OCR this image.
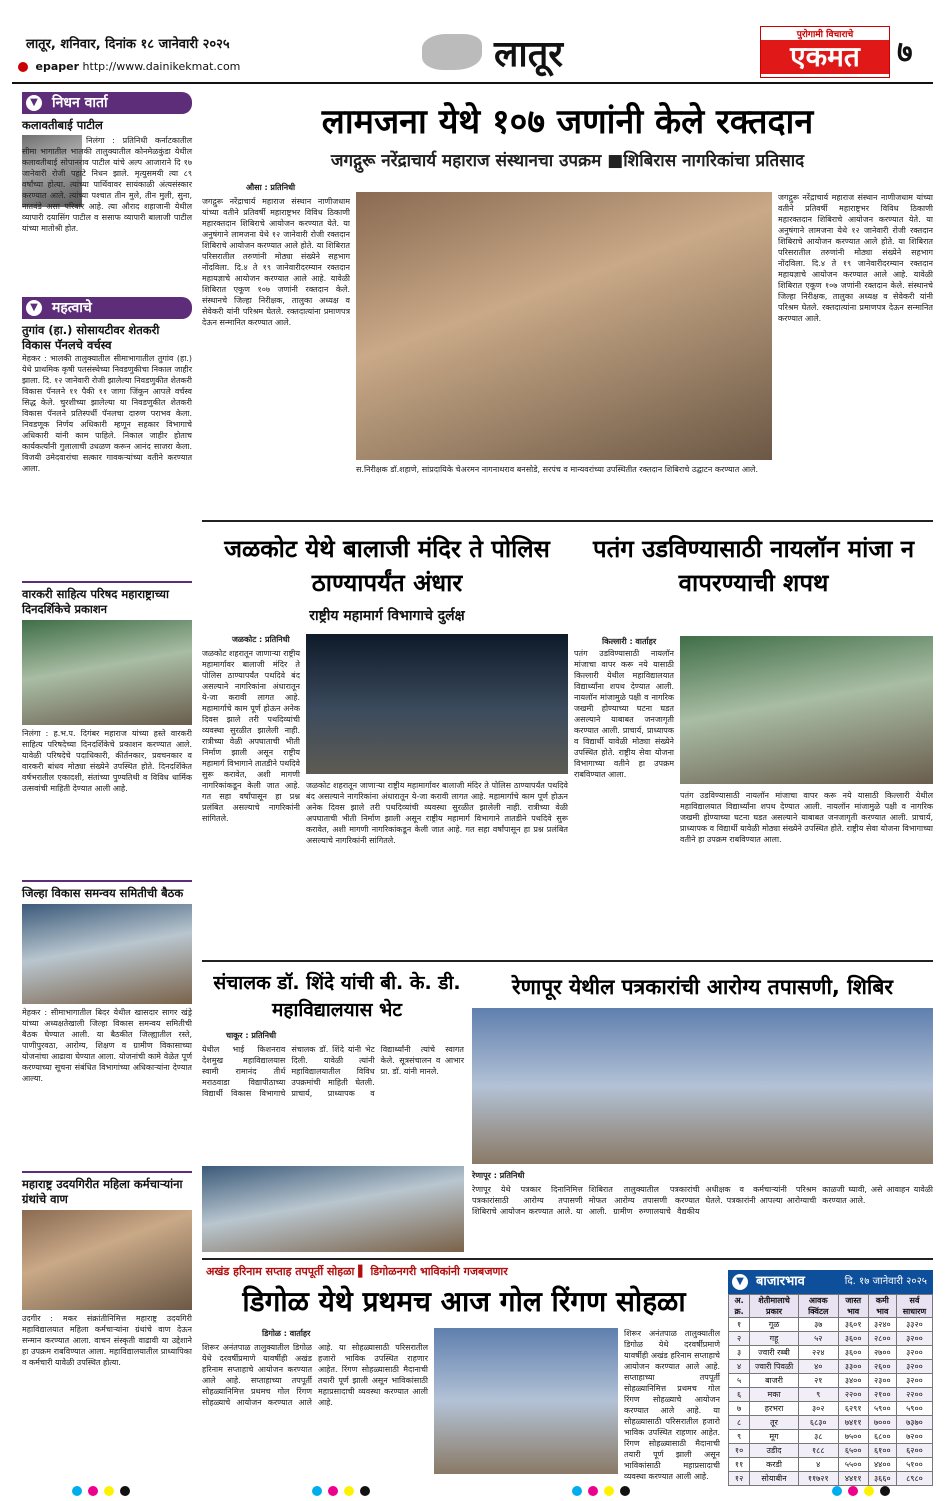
लातूर, शनिवार, दिनांक १८ जानेवारी २०२५
epaper http://www.dainikekmat.com	लातूर	पुरोगामी विचाराचे
एकमत	७
▼ निधन वार्ता
कलावतीबाई पाटील
निलंगा : प्रतिनिधी कर्नाटकातील सीमा भागातील भालकी तालुक्यातील कोनमेळकुंडा येथील कलावतीबाई सोपानराव पाटील यांचे अल्प आजाराने दि १७ जानेवारी रोजी पहाटे निधन झाले. मृत्युसमयी त्या ८९ वर्षांच्या होत्या. त्यांच्या पार्थिवावर सायंकाळी अंत्यसंस्कार करण्यात आले. त्यांच्या पश्चात तीन मुले, तीन मुली, सुना, नातवंडे असा परिवार आहे. त्या औराद शहाजानी येथील व्यापारी दयासिंग पाटील व ससाफ व्यापारी बालाजी पाटील यांच्या मातोश्री होत.
▼ महत्वाचे
तुगांव (हा.) सोसायटीवर शेतकरी विकास पॅनलचे वर्चस्व
मेहकर : भालकी तालुक्यातील सीमाभागातील तुगांव (हा.) येथे प्राथमिक कृषी पतसंस्थेच्या निवडणुकीचा निकाल जाहीर झाला. दि. १२ जानेवारी रोजी झालेल्या निवडणुकीत शेतकरी विकास पॅनलने ११ पैकी ११ जागा जिंकून आपले वर्चस्व सिद्ध केले. चुरशीच्या झालेल्या या निवडणुकीत शेतकरी विकास पॅनलने प्रतिस्पर्धी पॅनलचा दारुण पराभव केला. निवडणूक निर्णय अधिकारी म्हणून सहकार विभागाचे अधिकारी यांनी काम पाहिले. निकाल जाहीर होताच कार्यकर्त्यांनी गुलालाची उधळण करून आनंद साजरा केला. विजयी उमेदवारांचा सत्कार गावकऱ्यांच्या वतीने करण्यात आला.
वारकरी साहित्य परिषद महाराष्ट्राच्या दिनदर्शिकेचे प्रकाशन
निलंगा : ह.भ.प. दिगंबर महाराज यांच्या हस्ते वारकरी साहित्य परिषदेच्या दिनदर्शिकेचे प्रकाशन करण्यात आले. यावेळी परिषदेचे पदाधिकारी, कीर्तनकार, प्रवचनकार व वारकरी बांधव मोठ्या संख्येने उपस्थित होते. दिनदर्शिकेत वर्षभरातील एकादशी, संतांच्या पुण्यतिथी व विविध धार्मिक उत्सवांची माहिती देण्यात आली आहे.
जिल्हा विकास समन्वय समितीची बैठक
मेहकर : सीमाभागातील बिदर येथील खासदार सागर खंड्रे यांच्या अध्यक्षतेखाली जिल्हा विकास समन्वय समितीची बैठक घेण्यात आली. या बैठकीत जिल्ह्यातील रस्ते, पाणीपुरवठा, आरोग्य, शिक्षण व ग्रामीण विकासाच्या योजनांचा आढावा घेण्यात आला. योजनांची कामे वेळेत पूर्ण करण्याच्या सूचना संबंधित विभागांच्या अधिकाऱ्यांना देण्यात आल्या.
महाराष्ट्र उदयगिरीत महिला कर्मचाऱ्यांना ग्रंथांचे वाण
उदगीर : मकर संक्रांतीनिमित्त महाराष्ट्र उदयगिरी महाविद्यालयात महिला कर्मचाऱ्यांना ग्रंथांचे वाण देऊन सन्मान करण्यात आला. वाचन संस्कृती वाढावी या उद्देशाने हा उपक्रम राबविण्यात आला. महाविद्यालयातील प्राध्यापिका व कर्मचारी यावेळी उपस्थित होत्या.
लामजना येथे १०७ जणांनी केले रक्तदान
जगद्गुरू नरेंद्राचार्य महाराज संस्थानचा उपक्रम ■शिबिरास नागरिकांचा प्रतिसाद
औसा : प्रतिनिधी
जगद्गुरू नरेंद्राचार्य महाराज संस्थान नाणीजधाम यांच्या वतीने प्रतिवर्षी महाराष्ट्रभर विविध ठिकाणी महारक्तदान शिबिराचे आयोजन करण्यात येते. या अनुषंगाने लामजना येथे १२ जानेवारी रोजी रक्तदान शिबिराचे आयोजन करण्यात आले होते. या शिबिरात परिसरातील तरुणांनी मोठ्या संख्येने सहभाग नोंदविला. दि.४ ते १९ जानेवारीदरम्यान रक्तदान महायज्ञाचे आयोजन करण्यात आले आहे. यावेळी शिबिरात एकूण १०७ जणांनी रक्तदान केले. संस्थानचे जिल्हा निरीक्षक, तालुका अध्यक्ष व सेवेकरी यांनी परिश्रम घेतले. रक्तदात्यांना प्रमाणपत्र देऊन सन्मानित करण्यात आले.
स.निरीक्षक डॉ.शहाणे, सांप्रदायिके चेअरमन नागनाथराव बनसोडे, सरपंच व मान्यवरांच्या उपस्थितीत रक्तदान शिबिराचे उद्घाटन करण्यात आले.
जगद्गुरू नरेंद्राचार्य महाराज संस्थान नाणीजधाम यांच्या वतीने प्रतिवर्षी महाराष्ट्रभर विविध ठिकाणी महारक्तदान शिबिराचे आयोजन करण्यात येते. या अनुषंगाने लामजना येथे १२ जानेवारी रोजी रक्तदान शिबिराचे आयोजन करण्यात आले होते. या शिबिरात परिसरातील तरुणांनी मोठ्या संख्येने सहभाग नोंदविला. दि.४ ते १९ जानेवारीदरम्यान रक्तदान महायज्ञाचे आयोजन करण्यात आले आहे. यावेळी शिबिरात एकूण १०७ जणांनी रक्तदान केले. संस्थानचे जिल्हा निरीक्षक, तालुका अध्यक्ष व सेवेकरी यांनी परिश्रम घेतले. रक्तदात्यांना प्रमाणपत्र देऊन सन्मानित करण्यात आले.
जळकोट येथे बालाजी मंदिर ते पोलिस ठाण्यापर्यंत अंधार
राष्ट्रीय महामार्ग विभागाचे दुर्लक्ष
जळकोट : प्रतिनिधी
जळकोट शहरातून जाणाऱ्या राष्ट्रीय महामार्गावर बालाजी मंदिर ते पोलिस ठाण्यापर्यंत पथदिवे बंद असल्याने नागरिकांना अंधारातून ये-जा करावी लागत आहे. महामार्गाचे काम पूर्ण होऊन अनेक दिवस झाले तरी पथदिव्यांची व्यवस्था सुरळीत झालेली नाही. रात्रीच्या वेळी अपघाताची भीती निर्माण झाली असून राष्ट्रीय महामार्ग विभागाने तातडीने पथदिवे सुरू करावेत, अशी मागणी नागरिकांकडून केली जात आहे. गत सहा वर्षांपासून हा प्रश्न प्रलंबित असल्याचे नागरिकांनी सांगितले.
जळकोट शहरातून जाणाऱ्या राष्ट्रीय महामार्गावर बालाजी मंदिर ते पोलिस ठाण्यापर्यंत पथदिवे बंद असल्याने नागरिकांना अंधारातून ये-जा करावी लागत आहे. महामार्गाचे काम पूर्ण होऊन अनेक दिवस झाले तरी पथदिव्यांची व्यवस्था सुरळीत झालेली नाही. रात्रीच्या वेळी अपघाताची भीती निर्माण झाली असून राष्ट्रीय महामार्ग विभागाने तातडीने पथदिवे सुरू करावेत, अशी मागणी नागरिकांकडून केली जात आहे. गत सहा वर्षांपासून हा प्रश्न प्रलंबित असल्याचे नागरिकांनी सांगितले.
पतंग उडविण्यासाठी नायलॉन मांजा न वापरण्याची शपथ
किल्लारी : वार्ताहर
पतंग उडविण्यासाठी नायलॉन मांजाचा वापर करू नये यासाठी किल्लारी येथील महाविद्यालयात विद्यार्थ्यांना शपथ देण्यात आली. नायलॉन मांजामुळे पक्षी व नागरिक जखमी होण्याच्या घटना घडत असल्याने याबाबत जनजागृती करण्यात आली. प्राचार्य, प्राध्यापक व विद्यार्थी यावेळी मोठ्या संख्येने उपस्थित होते. राष्ट्रीय सेवा योजना विभागाच्या वतीने हा उपक्रम राबविण्यात आला.
पतंग उडविण्यासाठी नायलॉन मांजाचा वापर करू नये यासाठी किल्लारी येथील महाविद्यालयात विद्यार्थ्यांना शपथ देण्यात आली. नायलॉन मांजामुळे पक्षी व नागरिक जखमी होण्याच्या घटना घडत असल्याने याबाबत जनजागृती करण्यात आली. प्राचार्य, प्राध्यापक व विद्यार्थी यावेळी मोठ्या संख्येने उपस्थित होते. राष्ट्रीय सेवा योजना विभागाच्या वतीने हा उपक्रम राबविण्यात आला.
संचालक डॉ. शिंदे यांची बी. के. डी. महाविद्यालयास भेट
चाकूर : प्रतिनिधी
येथील भाई किशनराव देशमुख महाविद्यालयास स्वामी रामानंद तीर्थ मराठवाडा विद्यापीठाच्या विद्यार्थी विकास विभागाचे संचालक डॉ. शिंदे यांनी भेट दिली. यावेळी त्यांनी महाविद्यालयातील विविध उपक्रमांची माहिती घेतली. प्राचार्य, प्राध्यापक व विद्यार्थ्यांनी त्यांचे स्वागत केले. सूत्रसंचालन व आभार प्रा. डॉ. यांनी मानले.
रेणापूर येथील पत्रकारांची आरोग्य तपासणी, शिबिर
रेणापूर : प्रतिनिधी
रेणापूर येथे पत्रकार दिनानिमित्त पत्रकारांसाठी आरोग्य तपासणी शिबिराचे आयोजन करण्यात आले. या शिबिरात तालुक्यातील पत्रकारांची मोफत आरोग्य तपासणी करण्यात आली. ग्रामीण रुग्णालयाचे वैद्यकीय अधीक्षक व कर्मचाऱ्यांनी परिश्रम घेतले. पत्रकारांनी आपल्या आरोग्याची काळजी घ्यावी, असे आवाहन यावेळी करण्यात आले.
अखंड हरिनाम सप्ताह तपपूर्ती सोहळा ▌ डिगोळनगरी भाविकांनी गजबजणार
डिगोळ येथे प्रथमच आज गोल रिंगण सोहळा
डिगोळ : वार्ताहर
शिरूर अनंतपाळ तालुक्यातील डिगोळ येथे दरवर्षीप्रमाणे यावर्षीही अखंड हरिनाम सप्ताहाचे आयोजन करण्यात आले आहे. सप्ताहाच्या तपपूर्ती सोहळ्यानिमित्त प्रथमच गोल रिंगण सोहळ्याचे आयोजन करण्यात आले आहे. या सोहळ्यासाठी परिसरातील हजारो भाविक उपस्थित राहणार आहेत. रिंगण सोहळ्यासाठी मैदानाची तयारी पूर्ण झाली असून भाविकांसाठी महाप्रसादाची व्यवस्था करण्यात आली आहे.
शिरूर अनंतपाळ तालुक्यातील डिगोळ येथे दरवर्षीप्रमाणे यावर्षीही अखंड हरिनाम सप्ताहाचे आयोजन करण्यात आले आहे. सप्ताहाच्या तपपूर्ती सोहळ्यानिमित्त प्रथमच गोल रिंगण सोहळ्याचे आयोजन करण्यात आले आहे. या सोहळ्यासाठी परिसरातील हजारो भाविक उपस्थित राहणार आहेत. रिंगण सोहळ्यासाठी मैदानाची तयारी पूर्ण झाली असून भाविकांसाठी महाप्रसादाची व्यवस्था करण्यात आली आहे.
▼ बाजारभाव	दि. १७ जानेवारी २०२५
अ. क्र.	शेतीमालाचे प्रकार	आवक क्विंटल	जास्त भाव	कमी भाव	सर्व साधारण
१	गूळ	३७	३६०१	३२४०	३३२०
२	गहू	५२	३६००	२८००	३२००
३	ज्वारी रब्बी	२२४	३६००	२७००	३२००
४	ज्वारी पिवळी	४०	३३००	२६००	३२००
५	बाजरी	२१	३४००	२३००	३२००
६	मका	९	२२००	२१००	२२००
७	हरभरा	३०२	६२९१	५९००	५९००
८	तूर	६८३०	७४११	७०००	७३७०
९	मूग	३८	७५००	६८००	७२००
१०	उडीद	१८८	६५००	६१००	६२००
११	करडी	४	५५००	४४००	५१००
१२	सोयाबीन	११७२१	४४११	३६६०	८९८०
